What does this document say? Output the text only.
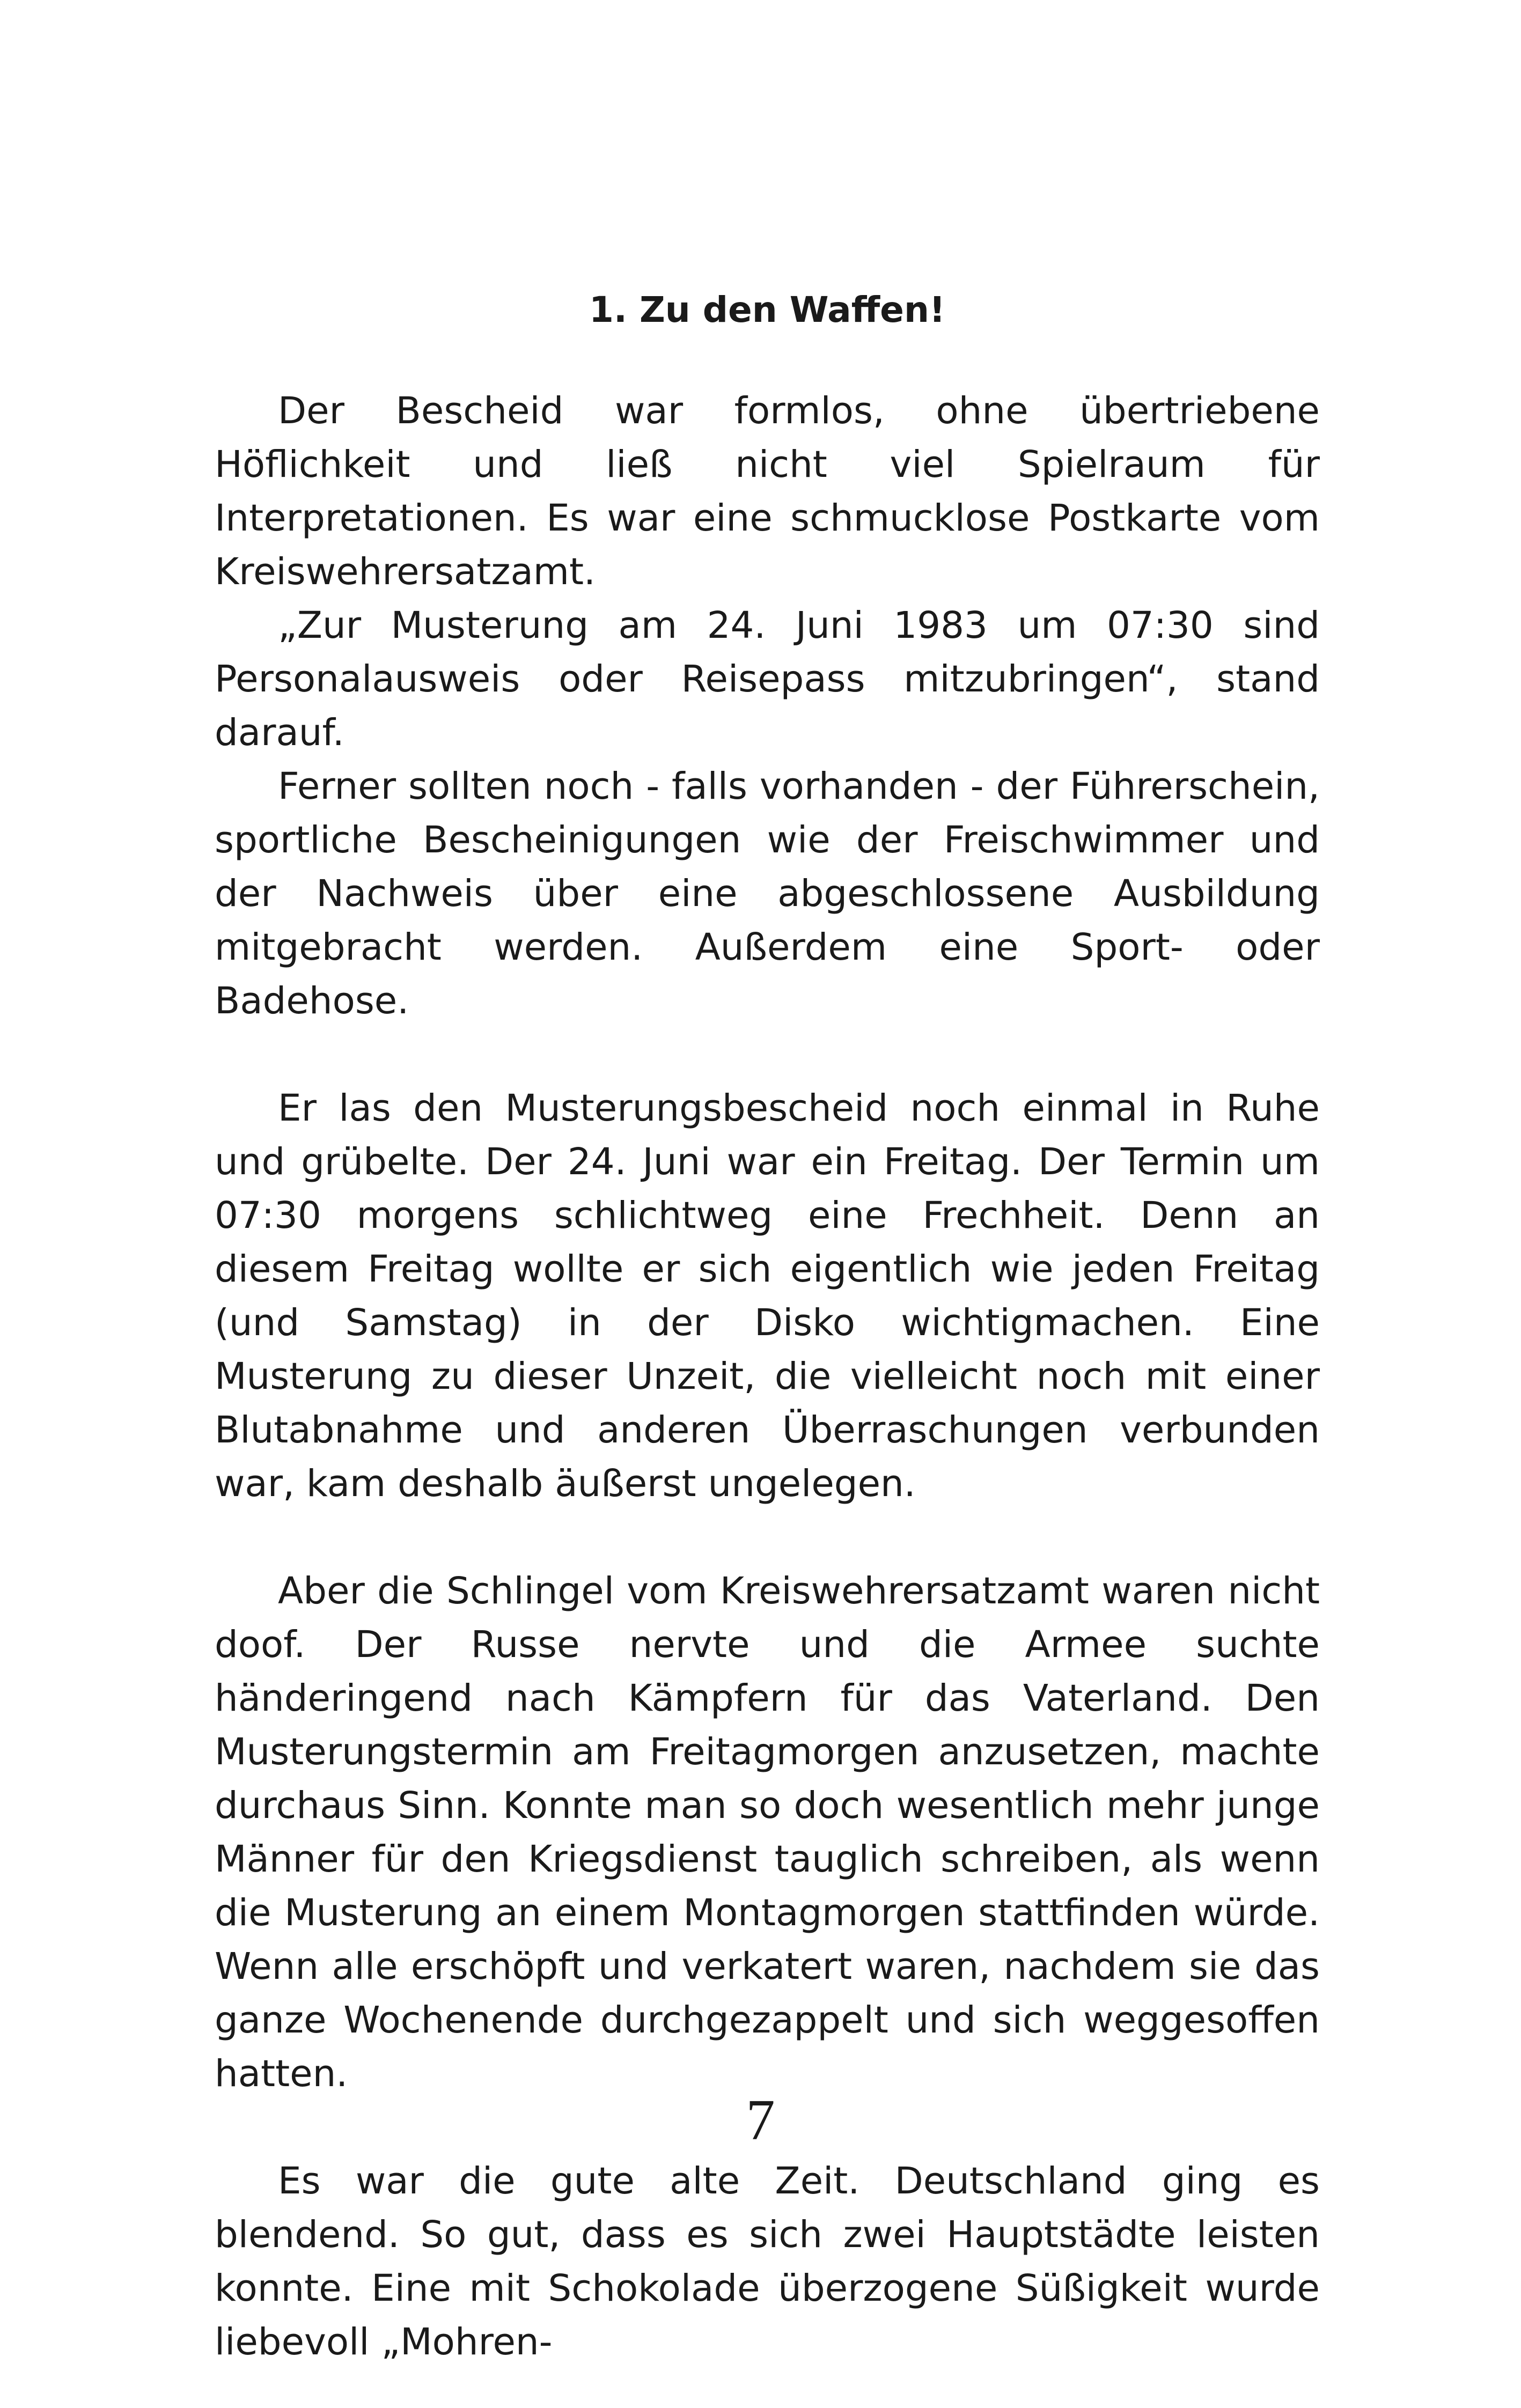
1. Zu den Waffen!

Der Bescheid war formlos, ohne übertriebene Höflichkeit und ließ nicht viel Spielraum für Interpretationen. Es war eine schmucklose Postkarte vom Kreiswehrersatzamt.

„Zur Musterung am 24. Juni 1983 um 07:30 sind Personalausweis oder Reisepass mitzubringen“, stand darauf.

Ferner sollten noch - falls vorhanden - der Führerschein, sportliche Bescheinigungen wie der Freischwimmer und der Nachweis über eine abgeschlossene Ausbildung mitgebracht werden. Außerdem eine Sport- oder Badehose.

Er las den Musterungsbescheid noch einmal in Ruhe und grübelte. Der 24. Juni war ein Freitag. Der Termin um 07:30 morgens schlichtweg eine Frechheit. Denn an diesem Freitag wollte er sich eigentlich wie jeden Freitag (und Samstag) in der Disko wichtigmachen. Eine Musterung zu dieser Unzeit, die vielleicht noch mit einer Blutabnahme und anderen Überraschungen verbunden war, kam deshalb äußerst ungelegen.

Aber die Schlingel vom Kreiswehrersatzamt waren nicht doof. Der Russe nervte und die Armee suchte händeringend nach Kämpfern für das Vaterland. Den Musterungstermin am Freitagmorgen anzusetzen, machte durchaus Sinn. Konnte man so doch wesentlich mehr junge Männer für den Kriegsdienst tauglich schreiben, als wenn die Musterung an einem Montagmorgen stattfinden würde. Wenn alle erschöpft und verkatert waren, nachdem sie das ganze Wochenende durchgezappelt und sich weggesoffen hatten.

Es war die gute alte Zeit. Deutschland ging es blendend. So gut, dass es sich zwei Hauptstädte leisten konnte. Eine mit Schokolade überzogene Süßigkeit wurde liebevoll „Mohren-

7
